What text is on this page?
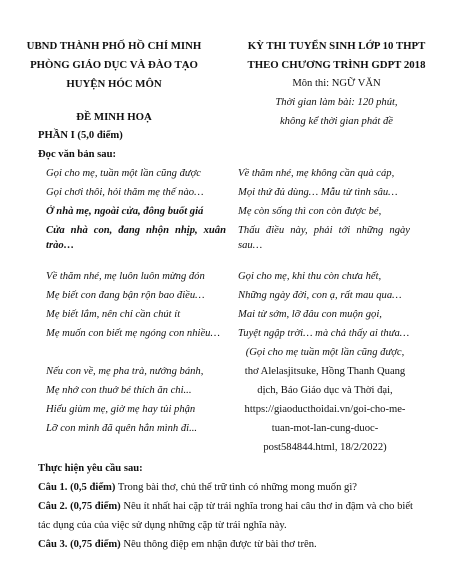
UBND THÀNH PHỐ HỒ CHÍ MINH
PHÒNG GIÁO DỤC VÀ ĐÀO TẠO
HUYỆN HÓC MÔN
KỲ THI TUYỂN SINH LỚP 10 THPT
THEO CHƯƠNG TRÌNH GDPT 2018
Môn thi: NGỮ VĂN
Thời gian làm bài: 120 phút,
không kể thời gian phát đề
ĐỀ MINH HOẠ
PHẦN I (5,0 điểm)
Đọc văn bản sau:
Gọi cho mẹ, tuần một lần cũng được
Gọi chơi thôi, hỏi thăm mẹ thế nào…
Ở nhà mẹ, ngoài cửa, đông buốt giá
Cửa nhà con, đang nhộn nhịp, xuân
trào…
Về thăm nhé, mẹ luôn luôn mừng đón
Mẹ biết con đang bận rộn bao điều…
Mẹ biết lắm, nên chỉ cần chút ít
Mẹ muốn con biết mẹ ngóng con nhiều…
Nếu con về, mẹ pha trà, nướng bánh,
Mẹ nhớ con thuở bé thích ăn chi...
Hiểu giùm mẹ, giờ mẹ hay tủi phận
Lỡ con mình đã quên hẳn mình đi...
Về thăm nhé, mẹ không cần quà cáp,
Mọi thứ đủ dùng… Mẫu từ tình sâu…
Mẹ còn sống thì con còn được bé,
Thấu điều này, phải tới những ngày
sau…
Gọi cho mẹ, khi thu còn chưa hết,
Những ngày đời, con ạ, rất mau qua…
Mai từ sớm, lỡ đâu con muộn gọi,
Tuyệt ngập trời… mà chả thấy ai thưa…
(Gọi cho mẹ tuần một lần cũng được,
thơ Alelasjitsuke, Hồng Thanh Quang
dịch, Báo Giáo dục và Thời đại,
https://giaoducthoidai.vn/goi-cho-me-
tuan-mot-lan-cung-duoc-
post584844.html, 18/2/2022)
Thực hiện yêu cầu sau:
Câu 1. (0,5 điểm) Trong bài thơ, chủ thể trữ tình có những mong muốn gì?
Câu 2. (0,75 điểm) Nêu ít nhất hai cặp từ trái nghĩa trong hai câu thơ in đậm và cho biết
tác dụng của của việc sử dụng những cặp từ trái nghĩa này.
Câu 3. (0,75 điểm) Nêu thông điệp em nhận được từ bài thơ trên.
